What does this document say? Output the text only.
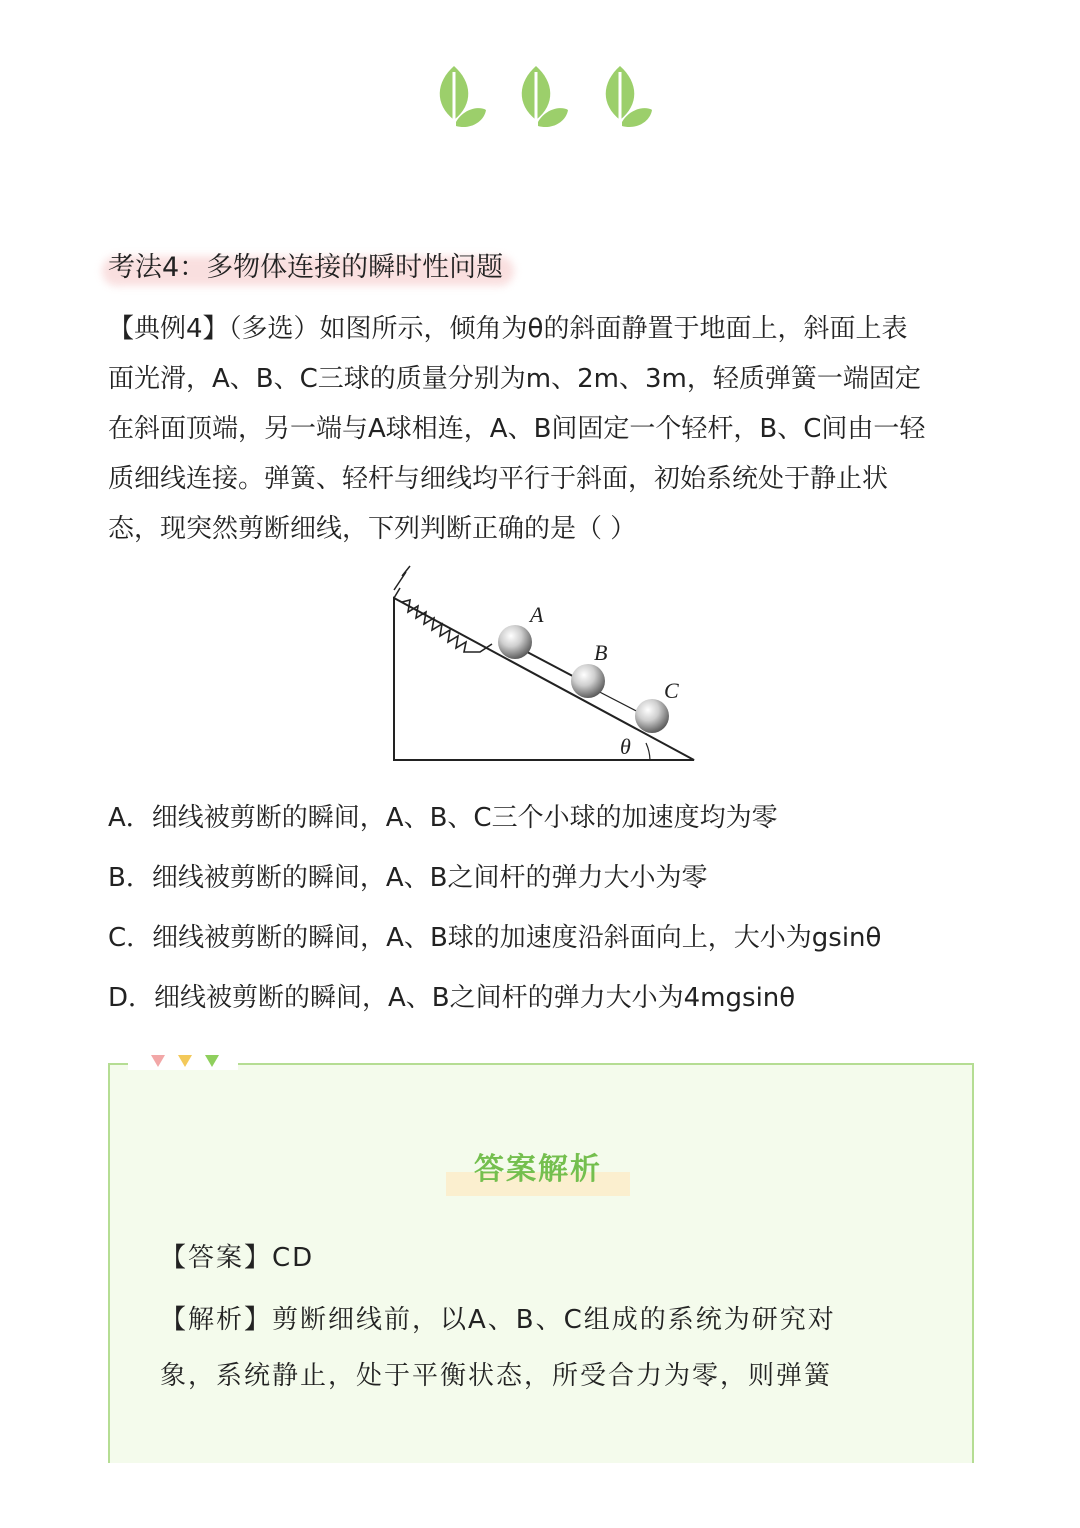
考法4：多物体连接的瞬时性问题

【典例4】（多选）如图所示，倾角为θ的斜面静置于地面上，斜面上表

面光滑，A、B、C三球的质量分别为m、2m、3m，轻质弹簧一端固定

在斜面顶端，另一端与A球相连，A、B间固定一个轻杆，B、C间由一轻

质细线连接。弹簧、轻杆与细线均平行于斜面，初始系统处于静止状

态，现突然剪断细线，下列判断正确的是（ ）

A
B
C
θ
A．细线被剪断的瞬间，A、B、C三个小球的加速度均为零
B．细线被剪断的瞬间，A、B之间杆的弹力大小为零
C．细线被剪断的瞬间，A、B球的加速度沿斜面向上，大小为gsinθ
D．细线被剪断的瞬间，A、B之间杆的弹力大小为4mgsinθ
答案解析
【答案】CD

【解析】剪断细线前，以A、B、C组成的系统为研究对

象，系统静止，处于平衡状态，所受合力为零，则弹簧
